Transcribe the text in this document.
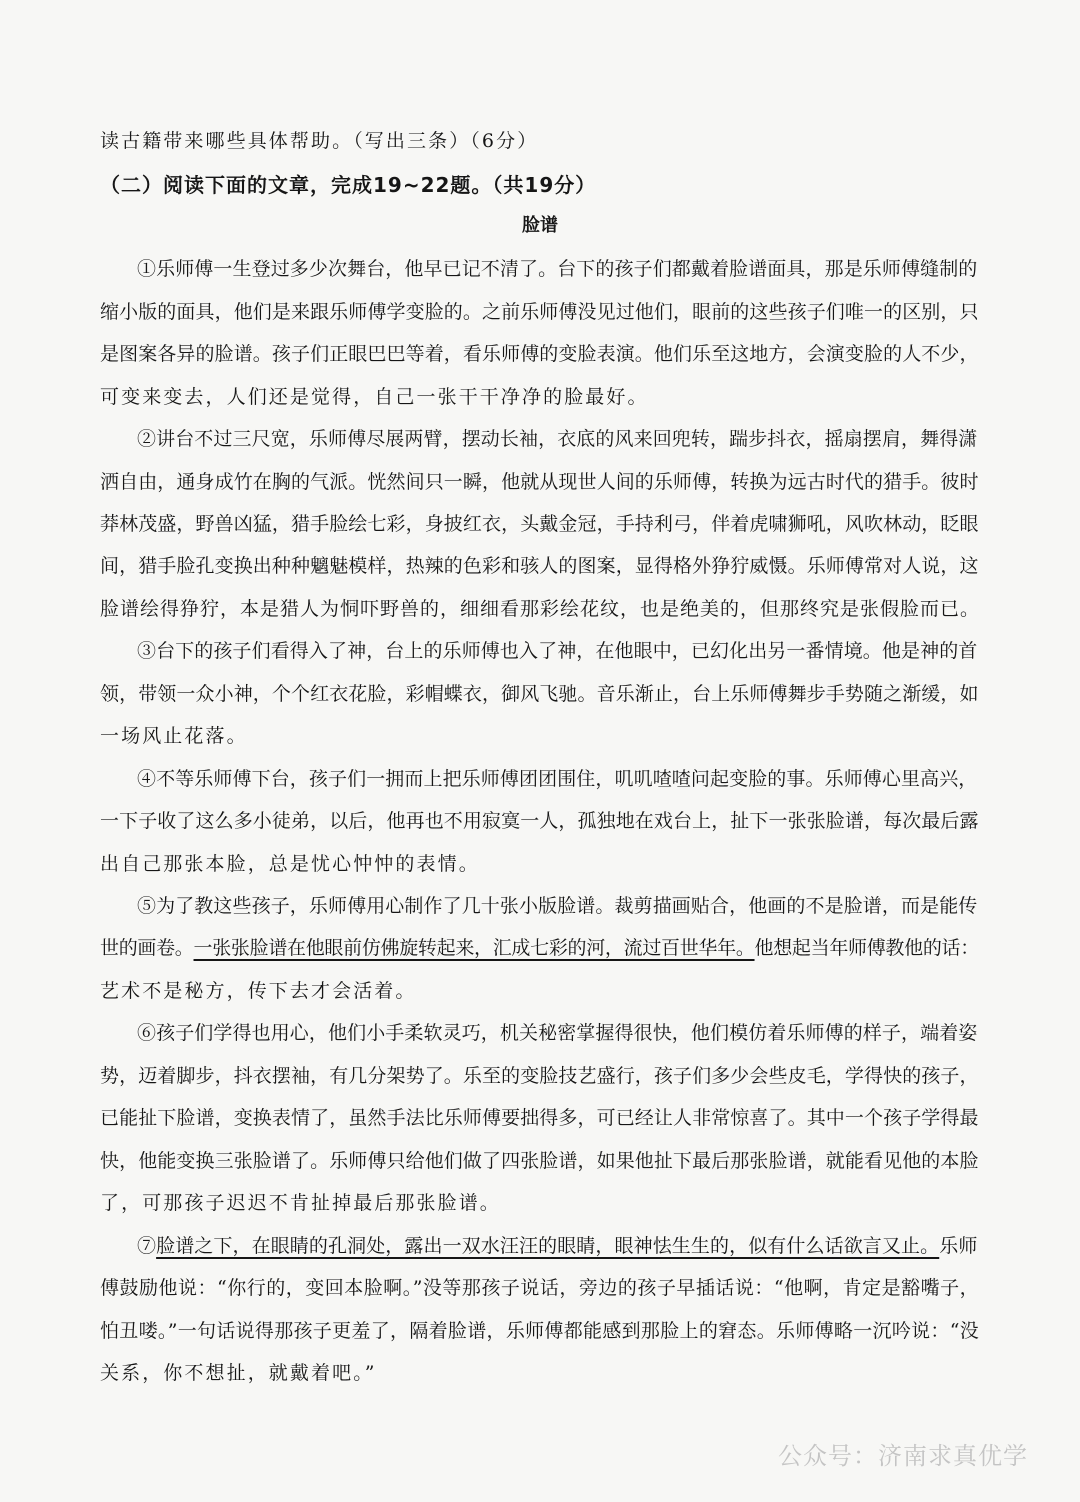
读古籍带来哪些具体帮助。（写出三条）（6分）
（二）阅读下面的文章，完成19~22题。（共19分）
脸谱
①乐师傅一生登过多少次舞台，他早已记不清了。台下的孩子们都戴着脸谱面具，那是乐师傅缝制的
缩小版的面具，他们是来跟乐师傅学变脸的。之前乐师傅没见过他们，眼前的这些孩子们唯一的区别，只
是图案各异的脸谱。孩子们正眼巴巴等着，看乐师傅的变脸表演。他们乐至这地方，会演变脸的人不少，
可变来变去，人们还是觉得，自己一张干干净净的脸最好。
②讲台不过三尺宽，乐师傅尽展两臂，摆动长袖，衣底的风来回兜转，踹步抖衣，摇扇摆肩，舞得潇
洒自由，通身成竹在胸的气派。恍然间只一瞬，他就从现世人间的乐师傅，转换为远古时代的猎手。彼时
莽林茂盛，野兽凶猛，猎手脸绘七彩，身披红衣，头戴金冠，手持利弓，伴着虎啸狮吼，风吹林动，眨眼
间，猎手脸孔变换出种种魑魅模样，热辣的色彩和骇人的图案，显得格外狰狞威慑。乐师傅常对人说，这
脸谱绘得狰狞，本是猎人为恫吓野兽的，细细看那彩绘花纹，也是绝美的，但那终究是张假脸而已。
③台下的孩子们看得入了神，台上的乐师傅也入了神，在他眼中，已幻化出另一番情境。他是神的首
领，带领一众小神，个个红衣花脸，彩帽蝶衣，御风飞驰。音乐渐止，台上乐师傅舞步手势随之渐缓，如
一场风止花落。
④不等乐师傅下台，孩子们一拥而上把乐师傅团团围住，叽叽喳喳问起变脸的事。乐师傅心里高兴，
一下子收了这么多小徒弟，以后，他再也不用寂寞一人，孤独地在戏台上，扯下一张张脸谱，每次最后露
出自己那张本脸，总是忧心忡忡的表情。
⑤为了教这些孩子，乐师傅用心制作了几十张小版脸谱。裁剪描画贴合，他画的不是脸谱，而是能传
世的画卷。一张张脸谱在他眼前仿佛旋转起来，汇成七彩的河，流过百世华年。他想起当年师傅教他的话：
艺术不是秘方，传下去才会活着。
⑥孩子们学得也用心，他们小手柔软灵巧，机关秘密掌握得很快，他们模仿着乐师傅的样子，端着姿
势，迈着脚步，抖衣摆袖，有几分架势了。乐至的变脸技艺盛行，孩子们多少会些皮毛，学得快的孩子，
已能扯下脸谱，变换表情了，虽然手法比乐师傅要拙得多，可已经让人非常惊喜了。其中一个孩子学得最
快，他能变换三张脸谱了。乐师傅只给他们做了四张脸谱，如果他扯下最后那张脸谱，就能看见他的本脸
了，可那孩子迟迟不肯扯掉最后那张脸谱。
⑦脸谱之下，在眼睛的孔洞处，露出一双水汪汪的眼睛，眼神怯生生的，似有什么话欲言又止。乐师
傅鼓励他说：“你行的，变回本脸啊。”没等那孩子说话，旁边的孩子早插话说：“他啊，肯定是豁嘴子，
怕丑喽。”一句话说得那孩子更羞了，隔着脸谱，乐师傅都能感到那脸上的窘态。乐师傅略一沉吟说：“没
关系，你不想扯，就戴着吧。”
公众号：济南求真优学
